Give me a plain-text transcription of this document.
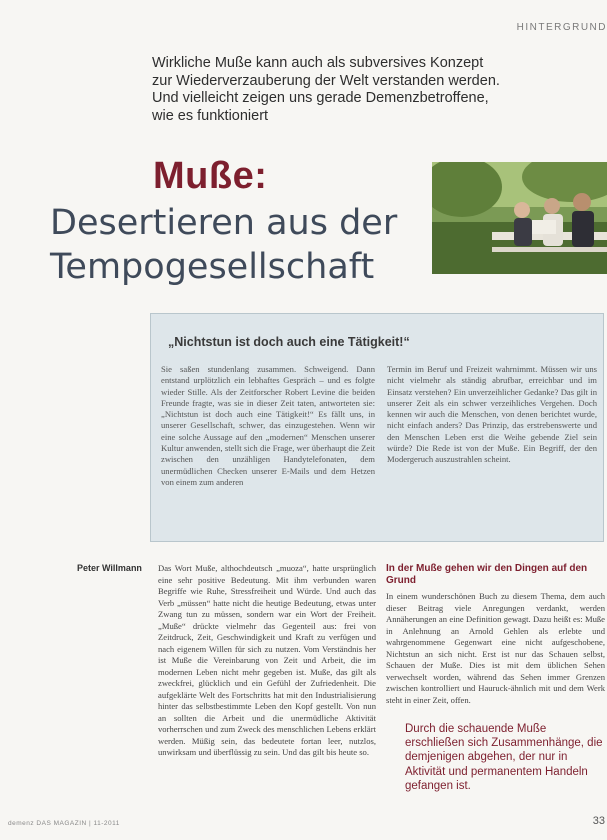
HINTERGRUND
Wirkliche Muße kann auch als subversives Konzept
zur Wiederverzauberung der Welt verstanden werden.
Und vielleicht zeigen uns gerade Demenzbetroffene,
wie es funktioniert
Muße:
Desertieren aus der
Tempogesellschaft
„Nichtstun ist doch auch eine Tätigkeit!“
Sie saßen stundenlang zusammen. Schweigend. Dann entstand urplötzlich ein lebhaftes Gespräch – und es folgte wieder Stille. Als der Zeitforscher Robert Levine die beiden Freunde fragte, was sie in dieser Zeit taten, antworteten sie: „Nichtstun ist doch auch eine Tätigkeit!“ Es fällt uns, in unserer Gesellschaft, schwer, das einzugestehen. Wenn wir eine solche Aussage auf den „modernen“ Menschen unserer Kultur anwenden, stellt sich die Frage, wer überhaupt die Zeit zwischen den unzähligen Handytelefonaten, dem unermüdlichen Checken unserer E-Mails und dem Hetzen von einem zum anderen
Termin im Beruf und Freizeit wahrnimmt. Müssen wir uns nicht vielmehr als ständig abrufbar, erreichbar und im Einsatz verstehen? Ein unverzeihlicher Gedanke? Das gilt in unserer Zeit als ein schwer verzeihliches Vergehen. Doch kennen wir auch die Menschen, von denen berichtet wurde, nicht einfach anders? Das Prinzip, das erstrebenswerte und den Menschen Leben erst die Weihe gebende Ziel sein würde? Die Rede ist von der Muße. Ein Begriff, der den Modergeruch auszustrahlen scheint.
Peter Willmann Das Wort Muße, althochdeutsch „muoza“, hatte ursprünglich eine sehr positive Bedeutung. Mit ihm verbunden waren Begriffe wie Ruhe, Stressfreiheit und Würde. Und auch das Verb „müssen“ hatte nicht die heutige Bedeutung, etwas unter Zwang tun zu müssen, sondern war ein Wort der Freiheit. „Muße“ drückte vielmehr das Gegenteil aus: frei von Zeitdruck, Zeit, Geschwindigkeit und Kraft zu verfügen und nach eigenem Willen für sich zu nutzen. Vom Verständnis her ist Muße die Vereinbarung von Zeit und Arbeit, die im modernen Leben nicht mehr gegeben ist. Muße, das gilt als zweckfrei, glücklich und ein Gefühl der Zufriedenheit. Die aufgeklärte Welt des Fortschritts hat mit den Industrialisierung hinter das selbstbestimmte Leben den Kopf gestellt. Von nun an sollten die Arbeit und die unermüdliche Aktivität vorherrschen und zum Zweck des menschlichen Lebens erklärt werden. Müßig sein, das bedeutete fortan leer, nutzlos, unwirksam und überflüssig zu sein. Und das gilt bis heute so.
In der Muße gehen wir den Dingen auf den Grund
In einem wunderschönen Buch zu diesem Thema, dem auch dieser Beitrag viele Anregungen verdankt, werden Annäherungen an eine Definition gewagt. Dazu heißt es: Muße in Anlehnung an Arnold Gehlen als erlebte und wahrgenommene Gegenwart eine nicht aufgeschobene, Nichtstun an sich nicht. Erst ist nur das Schauen selbst, Schauen der Muße. Dies ist mit dem üblichen Sehen verwechselt worden, während das Sehen immer Grenzen zwischen kontrolliert und Hauruck-ähnlich mit und dem Werk steht in einer Zeit, offen.
Durch die schauende Muße erschließen sich Zusammenhänge, die demjenigen abgehen, der nur in Aktivität und permanentem Handeln gefangen ist.
demenz DAS MAGAZIN | 11-2011	33
